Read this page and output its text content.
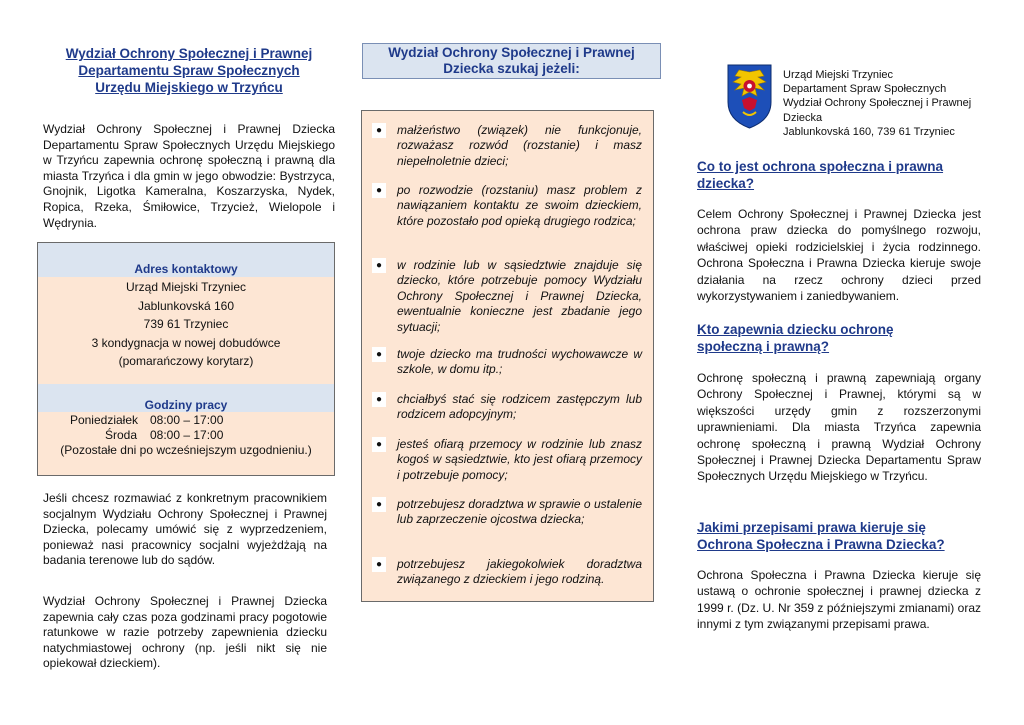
Wydział Ochrony Społecznej i Prawnej
Departamentu Spraw Społecznych
Urzędu Miejskiego w Trzyńcu

Wydział Ochrony Społecznej i Prawnej Dziecka Departamentu Spraw Społecznych Urzędu Miejskiego w Trzyńcu zapewnia ochronę społeczną i prawną dla miasta Trzyńca i dla gmin w jego obwodzie: Bystrzyca, Gnojnik, Ligotka Kameralna, Koszarzyska, Nydek, Ropica, Rzeka, Śmiłowice, Trzycież, Wielopole i Wędrynia.

Adres kontaktowy
Urząd Miejski Trzyniec
Jablunkovská 160
739 61 Trzyniec
3 kondygnacja w nowej dobudówce
(pomarańczowy korytarz)
Godziny pracy
Poniedziałek	08:00 – 17:00
Środa	08:00 – 17:00
(Pozostałe dni po wcześniejszym uzgodnieniu.)

Jeśli chcesz rozmawiać z konkretnym pracownikiem socjalnym Wydziału Ochrony Społecznej i Prawnej Dziecka, polecamy umówić się z wyprzedzeniem, ponieważ nasi pracownicy socjalni wyjeżdżają na badania terenowe lub do sądów.

Wydział Ochrony Społecznej i Prawnej Dziecka zapewnia cały czas poza godzinami pracy pogotowie ratunkowe w razie potrzeby zapewnienia dziecku natychmiastowej ochrony (np. jeśli nikt się nie opiekował dzieckiem).

Wydział Ochrony Społecznej i Prawnej
Dziecka szukaj jeżeli:
●	małżeństwo (związek) nie funkcjonuje, rozważasz rozwód (rozstanie) i masz niepełnoletnie dzieci;
●	po rozwodzie (rozstaniu) masz problem z nawiązaniem kontaktu ze swoim dzieckiem, które pozostało pod opieką drugiego rodzica;
●	w rodzinie lub w sąsiedztwie znajduje się dziecko, które potrzebuje pomocy Wydziału Ochrony Społecznej i Prawnej Dziecka, ewentualnie konieczne jest zbadanie jego sytuacji;
●	twoje dziecko ma trudności wychowawcze w szkole, w domu itp.;
●	chciałbyś stać się rodzicem zastępczym lub rodzicem adopcyjnym;
●	jesteś ofiarą przemocy w rodzinie lub znasz kogoś w sąsiedztwie, kto jest ofiarą przemocy i potrzebuje pomocy;
●	potrzebujesz doradztwa w sprawie o ustalenie lub zaprzeczenie ojcostwa dziecka;
●	potrzebujesz jakiegokolwiek doradztwa związanego z dzieckiem i jego rodziną.
Urząd Miejski Trzyniec
Departament Spraw Społecznych
Wydział Ochrony Społecznej i Prawnej
Dziecka
Jablunkovská 160, 739 61 Trzyniec
Co to jest ochrona społeczna i prawna
dziecka?

Celem Ochrony Społecznej i Prawnej Dziecka jest ochrona praw dziecka do pomyślnego rozwoju, właściwej opieki rodzicielskiej i życia rodzinnego. Ochrona Społeczna i Prawna Dziecka kieruje swoje działania na rzecz ochrony dzieci przed wykorzystywaniem i zaniedbywaniem.

Kto zapewnia dziecku ochronę
społeczną i prawną?

Ochronę społeczną i prawną zapewniają organy Ochrony Społecznej i Prawnej, którymi są w większości urzędy gmin z rozszerzonymi uprawnieniami. Dla miasta Trzyńca zapewnia ochronę społeczną i prawną Wydział Ochrony Społecznej i Prawnej Dziecka Departamentu Spraw Społecznych Urzędu Miejskiego w Trzyńcu.

Jakimi przepisami prawa kieruje się
Ochrona Społeczna i Prawna Dziecka?

Ochrona Społeczna i Prawna Dziecka kieruje się ustawą o ochronie społecznej i prawnej dziecka z 1999 r. (Dz. U. Nr 359 z późniejszymi zmianami) oraz innymi z tym związanymi przepisami prawa.
